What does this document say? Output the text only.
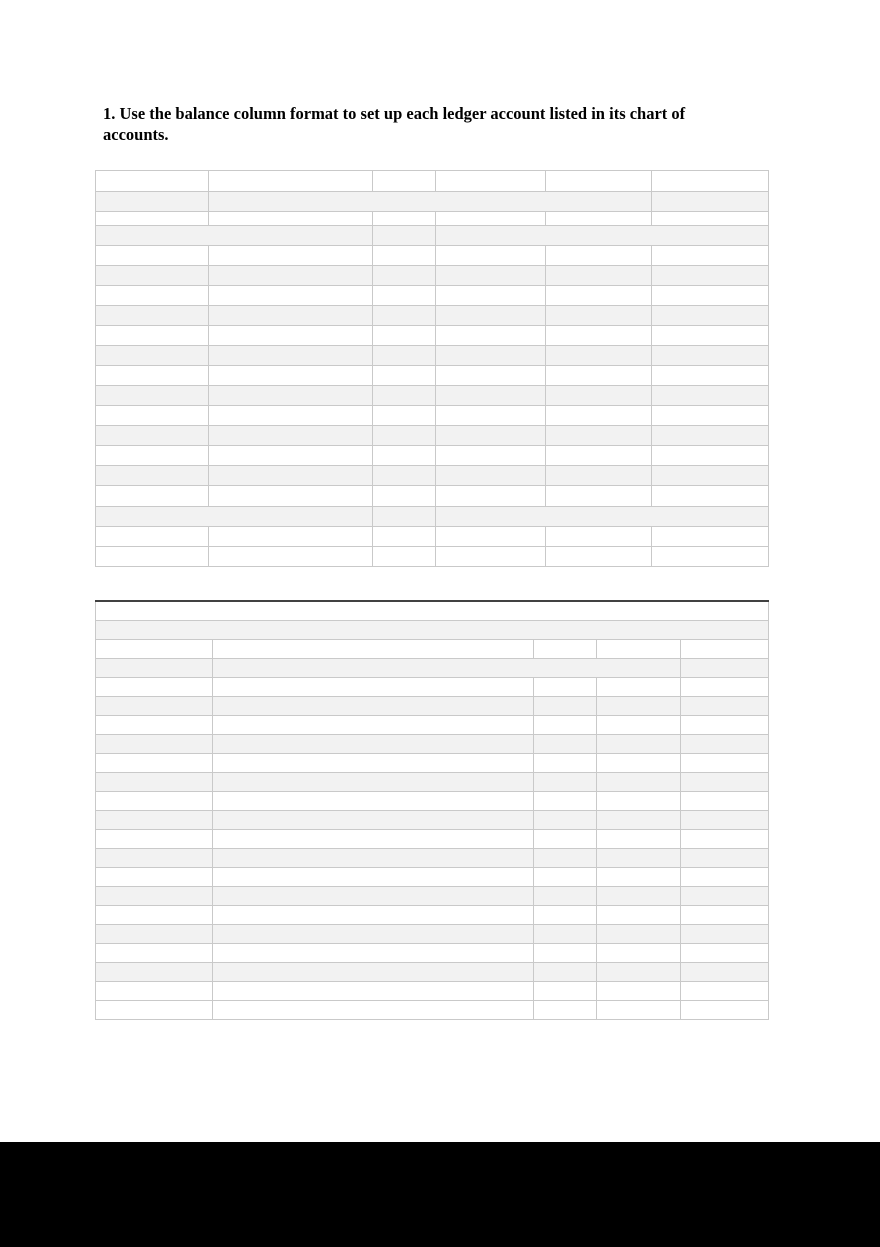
1. Use the balance column format to set up each ledger account listed in its chart of accounts.
